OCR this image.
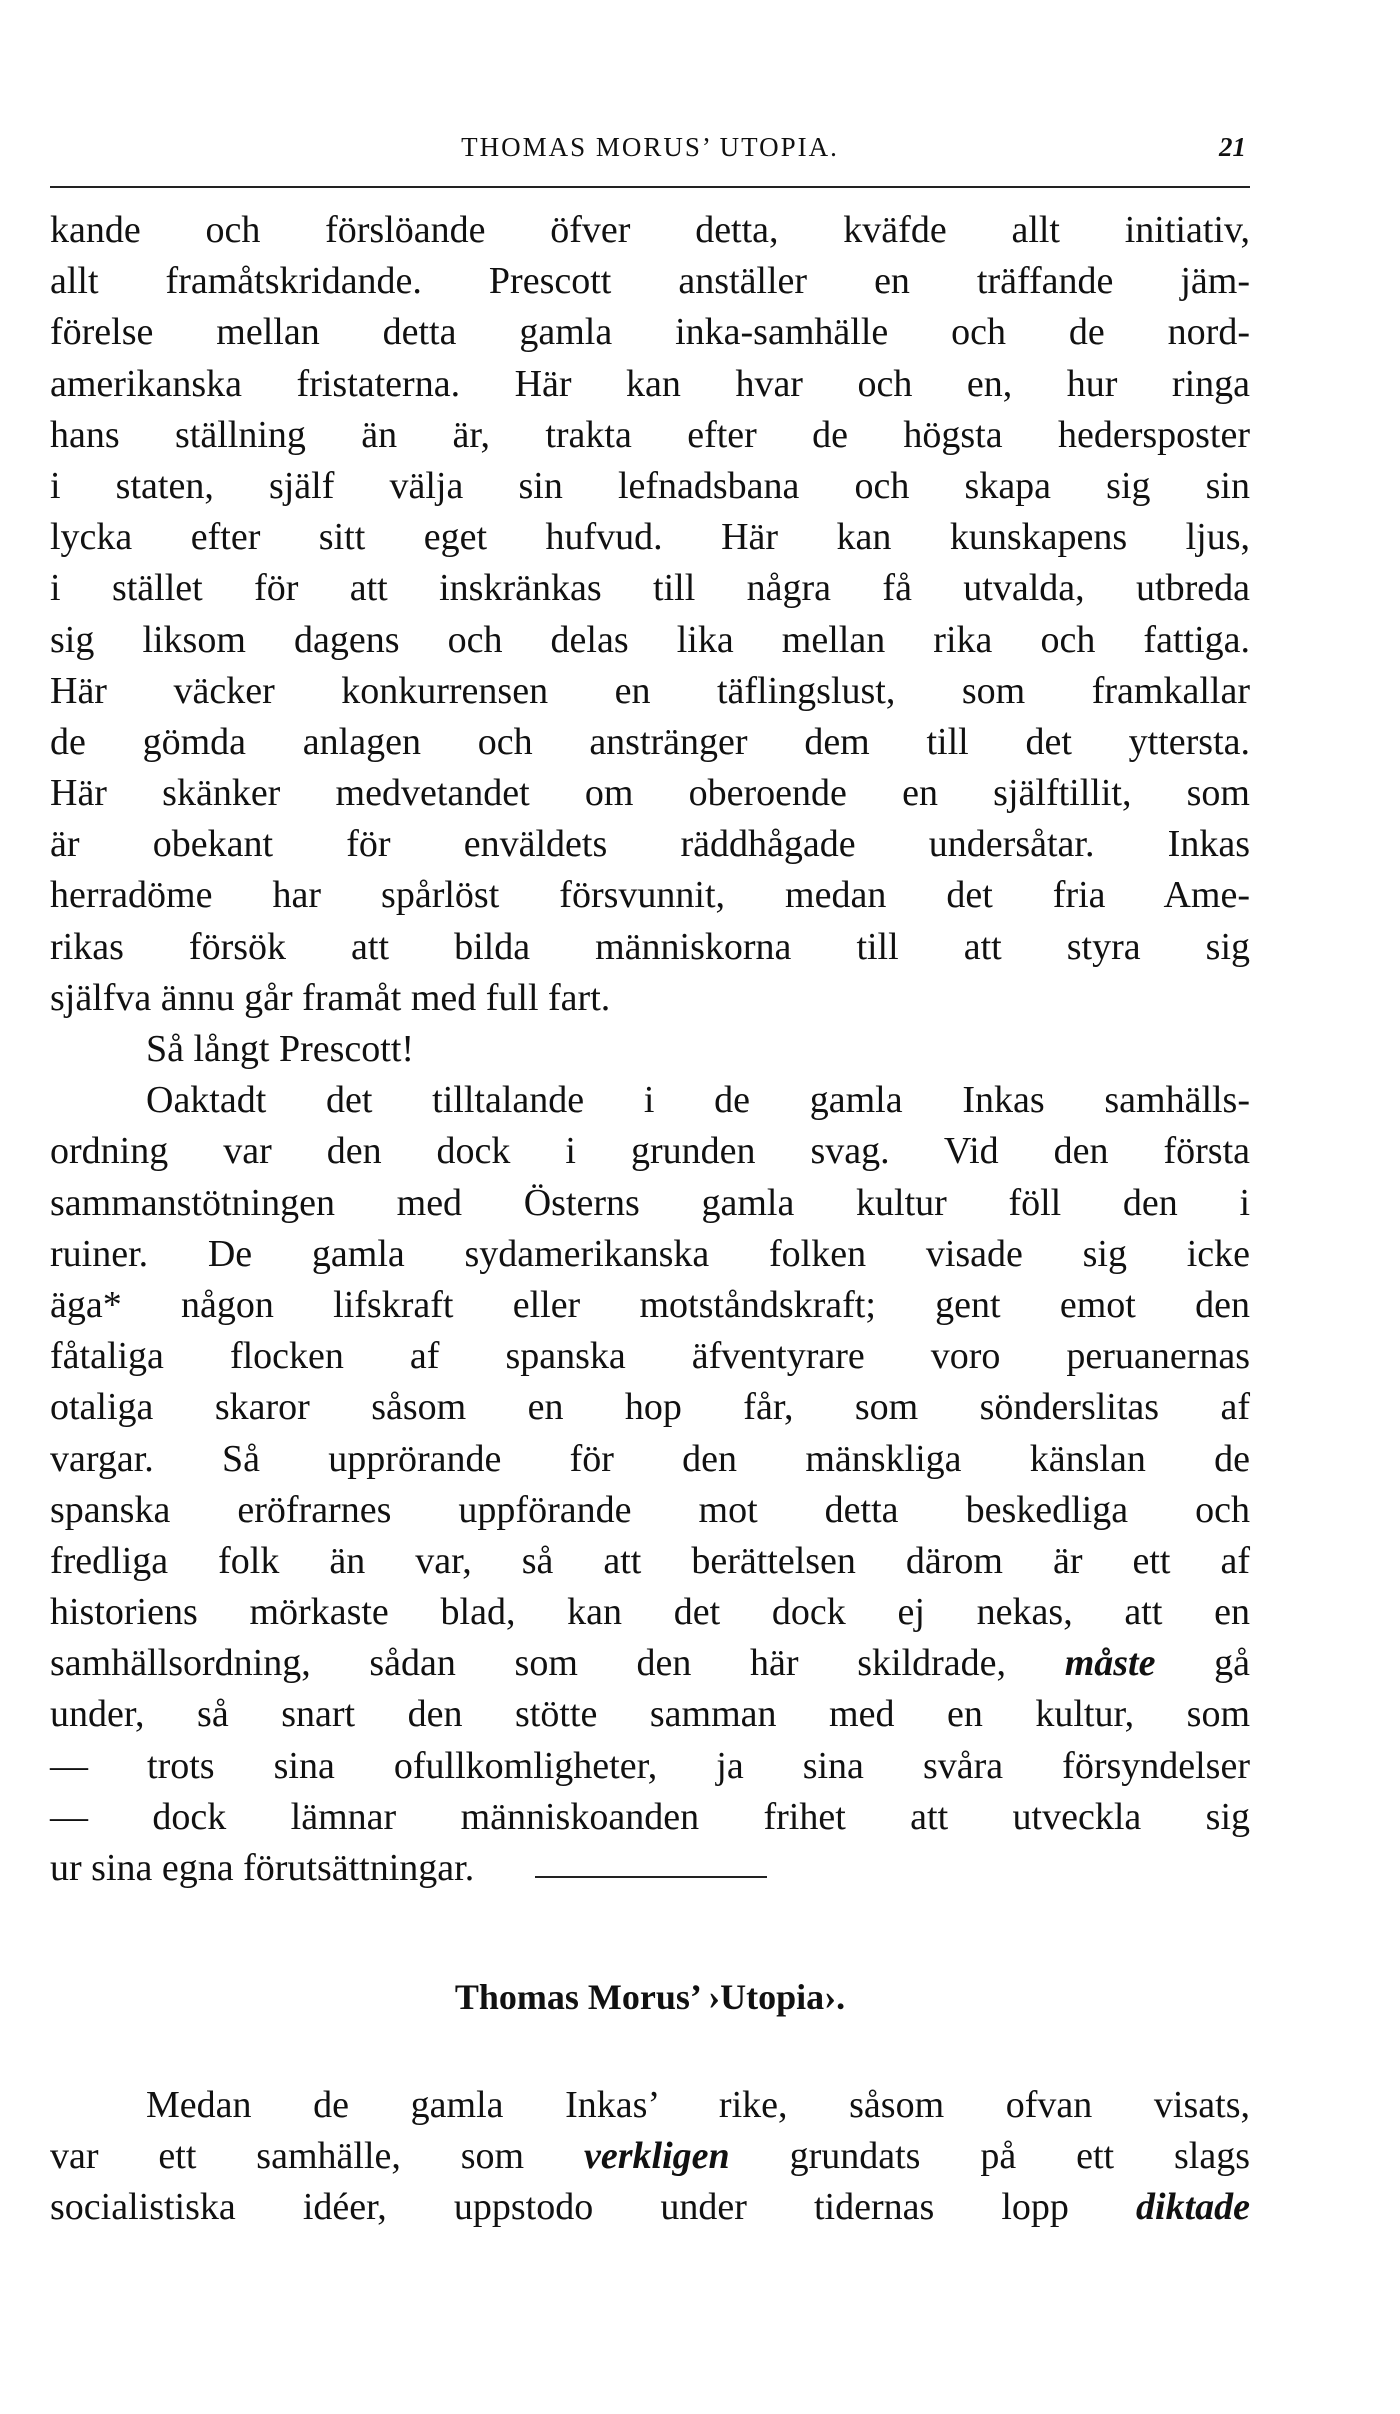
THOMAS MORUS’ UTOPIA.	21
kande och förslöande öfver detta, kväfde allt initiativ,
allt framåtskridande. Prescott anställer en träffande jäm-
förelse mellan detta gamla inka-samhälle och de nord-
amerikanska fristaterna. Här kan hvar och en, hur ringa
hans ställning än är, trakta efter de högsta hedersposter
i staten, själf välja sin lefnadsbana och skapa sig sin
lycka efter sitt eget hufvud. Här kan kunskapens ljus,
i stället för att inskränkas till några få utvalda, utbreda
sig liksom dagens och delas lika mellan rika och fattiga.
Här väcker konkurrensen en täflingslust, som framkallar
de gömda anlagen och anstränger dem till det yttersta.
Här skänker medvetandet om oberoende en själftillit, som
är obekant för enväldets räddhågade undersåtar. Inkas
herradöme har spårlöst försvunnit, medan det fria Ame-
rikas försök att bilda människorna till att styra sig
själfva ännu går framåt med full fart.
Så långt Prescott!
Oaktadt det tilltalande i de gamla Inkas samhälls-
ordning var den dock i grunden svag. Vid den första
sammanstötningen med Österns gamla kultur föll den i
ruiner. De gamla sydamerikanska folken visade sig icke
äga* någon lifskraft eller motståndskraft; gent emot den
fåtaliga flocken af spanska äfventyrare voro peruanernas
otaliga skaror såsom en hop får, som sönderslitas af
vargar. Så upprörande för den mänskliga känslan de
spanska eröfrarnes uppförande mot detta beskedliga och
fredliga folk än var, så att berättelsen därom är ett af
historiens mörkaste blad, kan det dock ej nekas, att en
samhällsordning, sådan som den här skildrade, måste gå
under, så snart den stötte samman med en kultur, som
— trots sina ofullkomligheter, ja sina svåra försyndelser
— dock lämnar människoanden frihet att utveckla sig
ur sina egna förutsättningar.
Thomas Morus’ ›Utopia›.
Medan de gamla Inkas’ rike, såsom ofvan visats,
var ett samhälle, som verkligen grundats på ett slags
socialistiska idéer, uppstodo under tidernas lopp diktade
